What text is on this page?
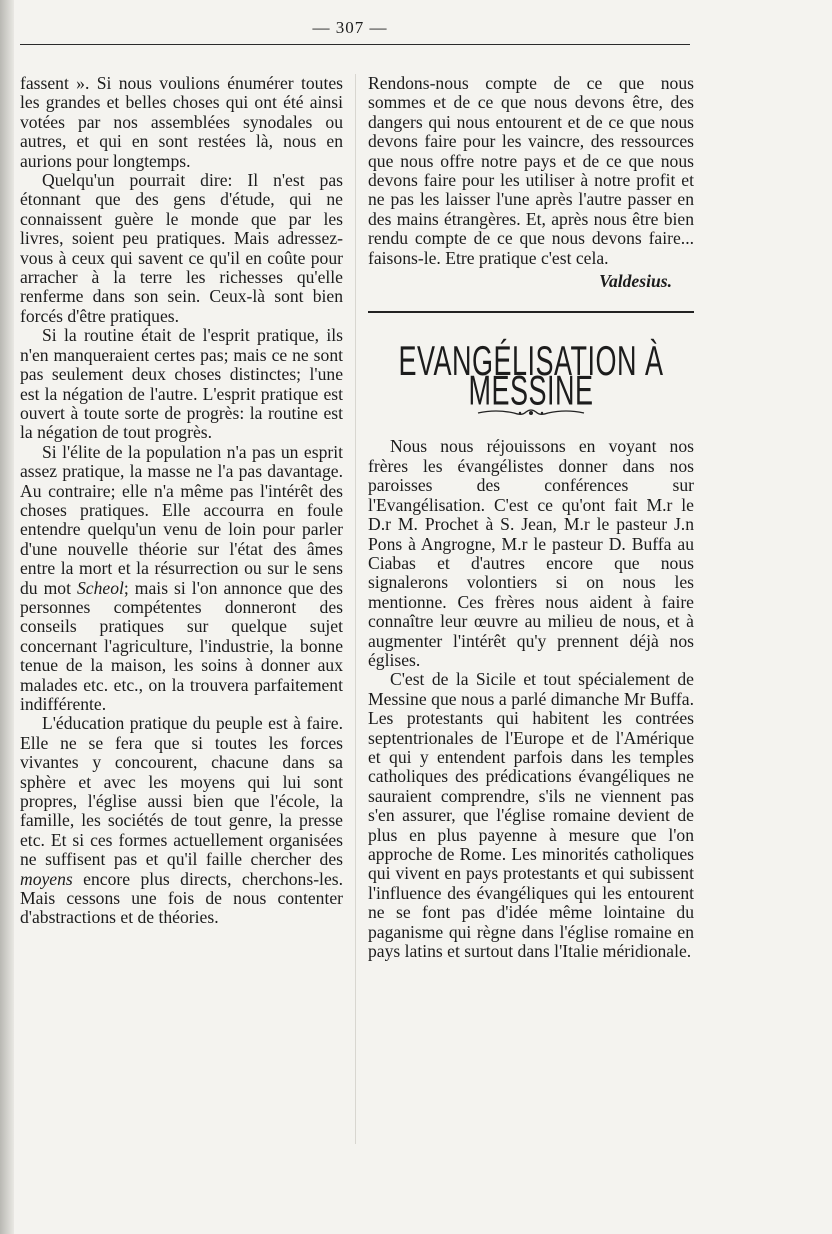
— 307 —

fassent ». Si nous voulions énumérer toutes les grandes et belles choses qui ont été ainsi votées par nos assemblées synodales ou autres, et qui en sont restées là, nous en aurions pour longtemps.

Quelqu'un pourrait dire: Il n'est pas étonnant que des gens d'étude, qui ne connaissent guère le monde que par les livres, soient peu pratiques. Mais adressez-vous à ceux qui savent ce qu'il en coûte pour arracher à la terre les richesses qu'elle renferme dans son sein. Ceux-là sont bien forcés d'être pratiques.

Si la routine était de l'esprit pratique, ils n'en manqueraient certes pas; mais ce ne sont pas seulement deux choses distinctes; l'une est la négation de l'autre. L'esprit pratique est ouvert à toute sorte de progrès: la routine est la négation de tout progrès.

Si l'élite de la population n'a pas un esprit assez pratique, la masse ne l'a pas davantage. Au contraire; elle n'a même pas l'intérêt des choses pratiques. Elle accourra en foule entendre quelqu'un venu de loin pour parler d'une nouvelle théorie sur l'état des âmes entre la mort et la résurrection ou sur le sens du mot Scheol; mais si l'on annonce que des personnes compétentes donneront des conseils pratiques sur quelque sujet concernant l'agriculture, l'industrie, la bonne tenue de la maison, les soins à donner aux malades etc. etc., on la trouvera parfaitement indifférente.

L'éducation pratique du peuple est à faire. Elle ne se fera que si toutes les forces vivantes y concourent, chacune dans sa sphère et avec les moyens qui lui sont propres, l'église aussi bien que l'école, la famille, les sociétés de tout genre, la presse etc. Et si ces formes actuellement organisées ne suffisent pas et qu'il faille chercher des moyens encore plus directs, cherchons-les. Mais cessons une fois de nous contenter d'abstractions et de théories.

Rendons-nous compte de ce que nous sommes et de ce que nous devons être, des dangers qui nous entourent et de ce que nous devons faire pour les vaincre, des ressources que nous offre notre pays et de ce que nous devons faire pour les utiliser à notre profit et ne pas les laisser l'une après l'autre passer en des mains étrangères. Et, après nous être bien rendu compte de ce que nous devons faire... faisons-le. Etre pratique c'est cela.

Valdesius.

EVANGÉLISATION À MESSINE

Nous nous réjouissons en voyant nos frères les évangélistes donner dans nos paroisses des conférences sur l'Evangélisation. C'est ce qu'ont fait M.r le D.r M. Prochet à S. Jean, M.r le pasteur J.n Pons à Angrogne, M.r le pasteur D. Buffa au Ciabas et d'autres encore que nous signalerons volontiers si on nous les mentionne. Ces frères nous aident à faire connaître leur œuvre au milieu de nous, et à augmenter l'intérêt qu'y prennent déjà nos églises.

C'est de la Sicile et tout spécialement de Messine que nous a parlé dimanche Mr Buffa. Les protestants qui habitent les contrées septentrionales de l'Europe et de l'Amérique et qui y entendent parfois dans les temples catholiques des prédications évangéliques ne sauraient comprendre, s'ils ne viennent pas s'en assurer, que l'église romaine devient de plus en plus payenne à mesure que l'on approche de Rome. Les minorités catholiques qui vivent en pays protestants et qui subissent l'influence des évangéliques qui les entourent ne se font pas d'idée même lointaine du paganisme qui règne dans l'église romaine en pays latins et surtout dans l'Italie méridionale.
